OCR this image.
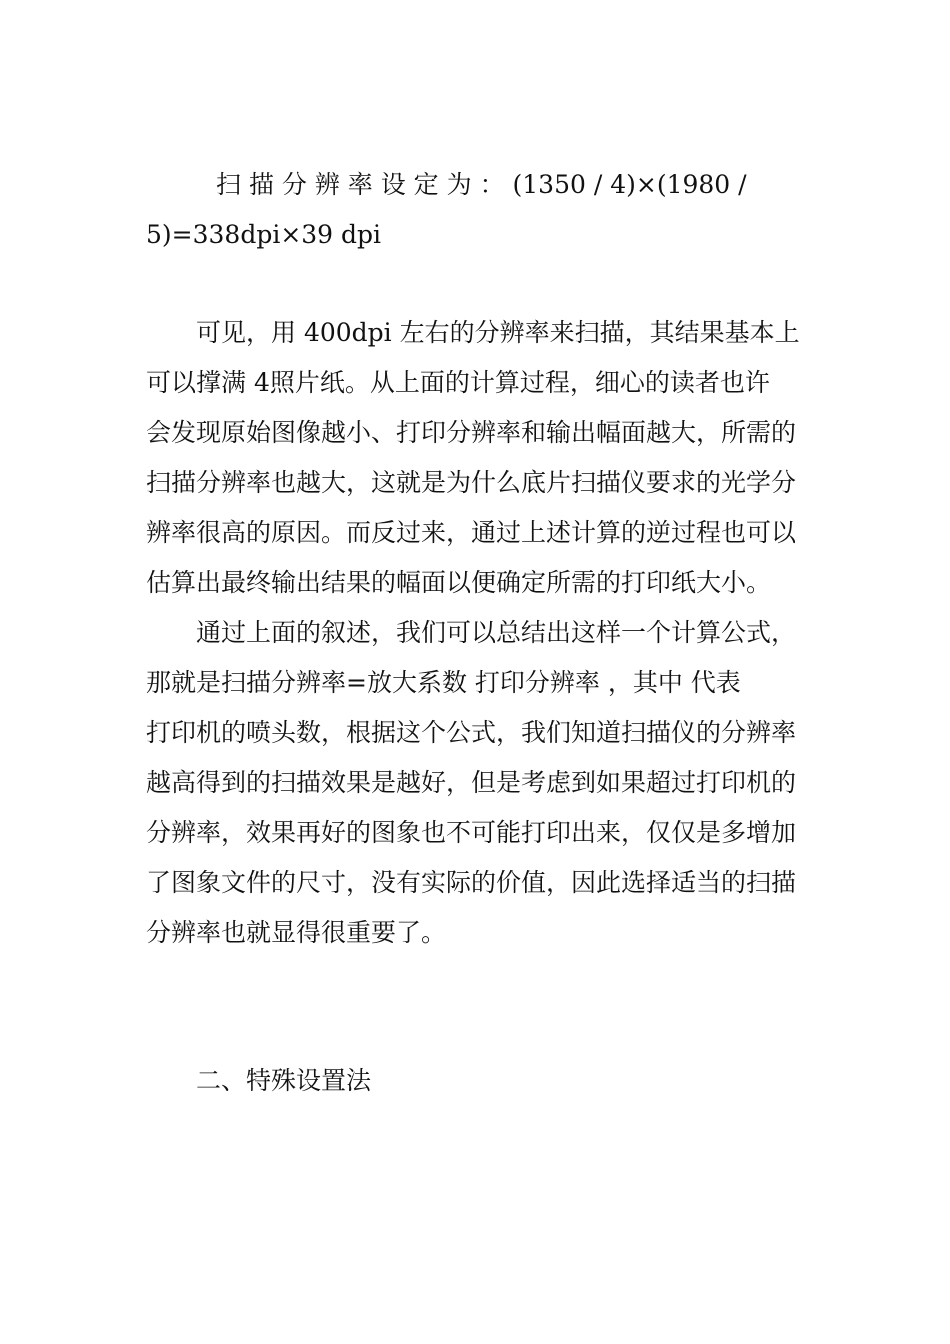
扫 描 分 辨 率 设 定 为 ： (1350 / 4)×(1980 /
5)=338dpi×39 dpi
可见，用 400dpi 左右的分辨率来扫描，其结果基本上
可以撑满 4照片纸。从上面的计算过程，细心的读者也许
会发现原始图像越小、打印分辨率和输出幅面越大，所需的
扫描分辨率也越大，这就是为什么底片扫描仪要求的光学分
辨率很高的原因。而反过来，通过上述计算的逆过程也可以
估算出最终输出结果的幅面以便确定所需的打印纸大小。
通过上面的叙述，我们可以总结出这样一个计算公式，
那就是扫描分辨率=放大系数 打印分辨率 ，其中 代表
打印机的喷头数，根据这个公式，我们知道扫描仪的分辨率
越高得到的扫描效果是越好，但是考虑到如果超过打印机的
分辨率，效果再好的图象也不可能打印出来，仅仅是多增加
了图象文件的尺寸，没有实际的价值，因此选择适当的扫描
分辨率也就显得很重要了。
二、特殊设置法
